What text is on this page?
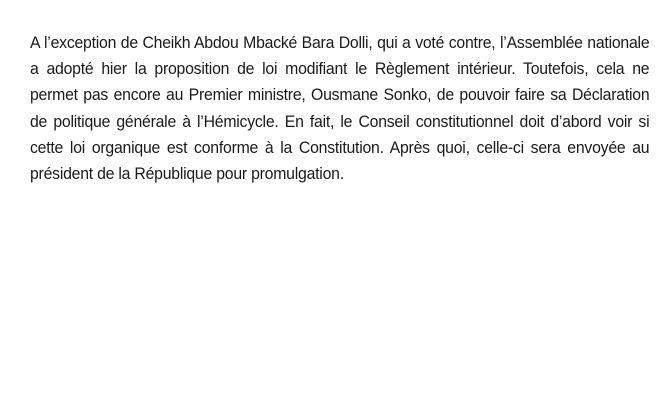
A l’exception de Cheikh Abdou Mbacké Bara Dolli, qui a voté contre, l’Assemblée nationale a adopté hier la proposition de loi modifiant le Règlement intérieur. Toutefois, cela ne permet pas encore au Premier ministre, Ousmane Sonko, de pouvoir faire sa Déclaration de politique générale à l’Hémicycle. En fait, le Conseil constitutionnel doit d’abord voir si cette loi organique est conforme à la Constitution. Après quoi, celle-ci sera envoyée au président de la République pour promulgation.
